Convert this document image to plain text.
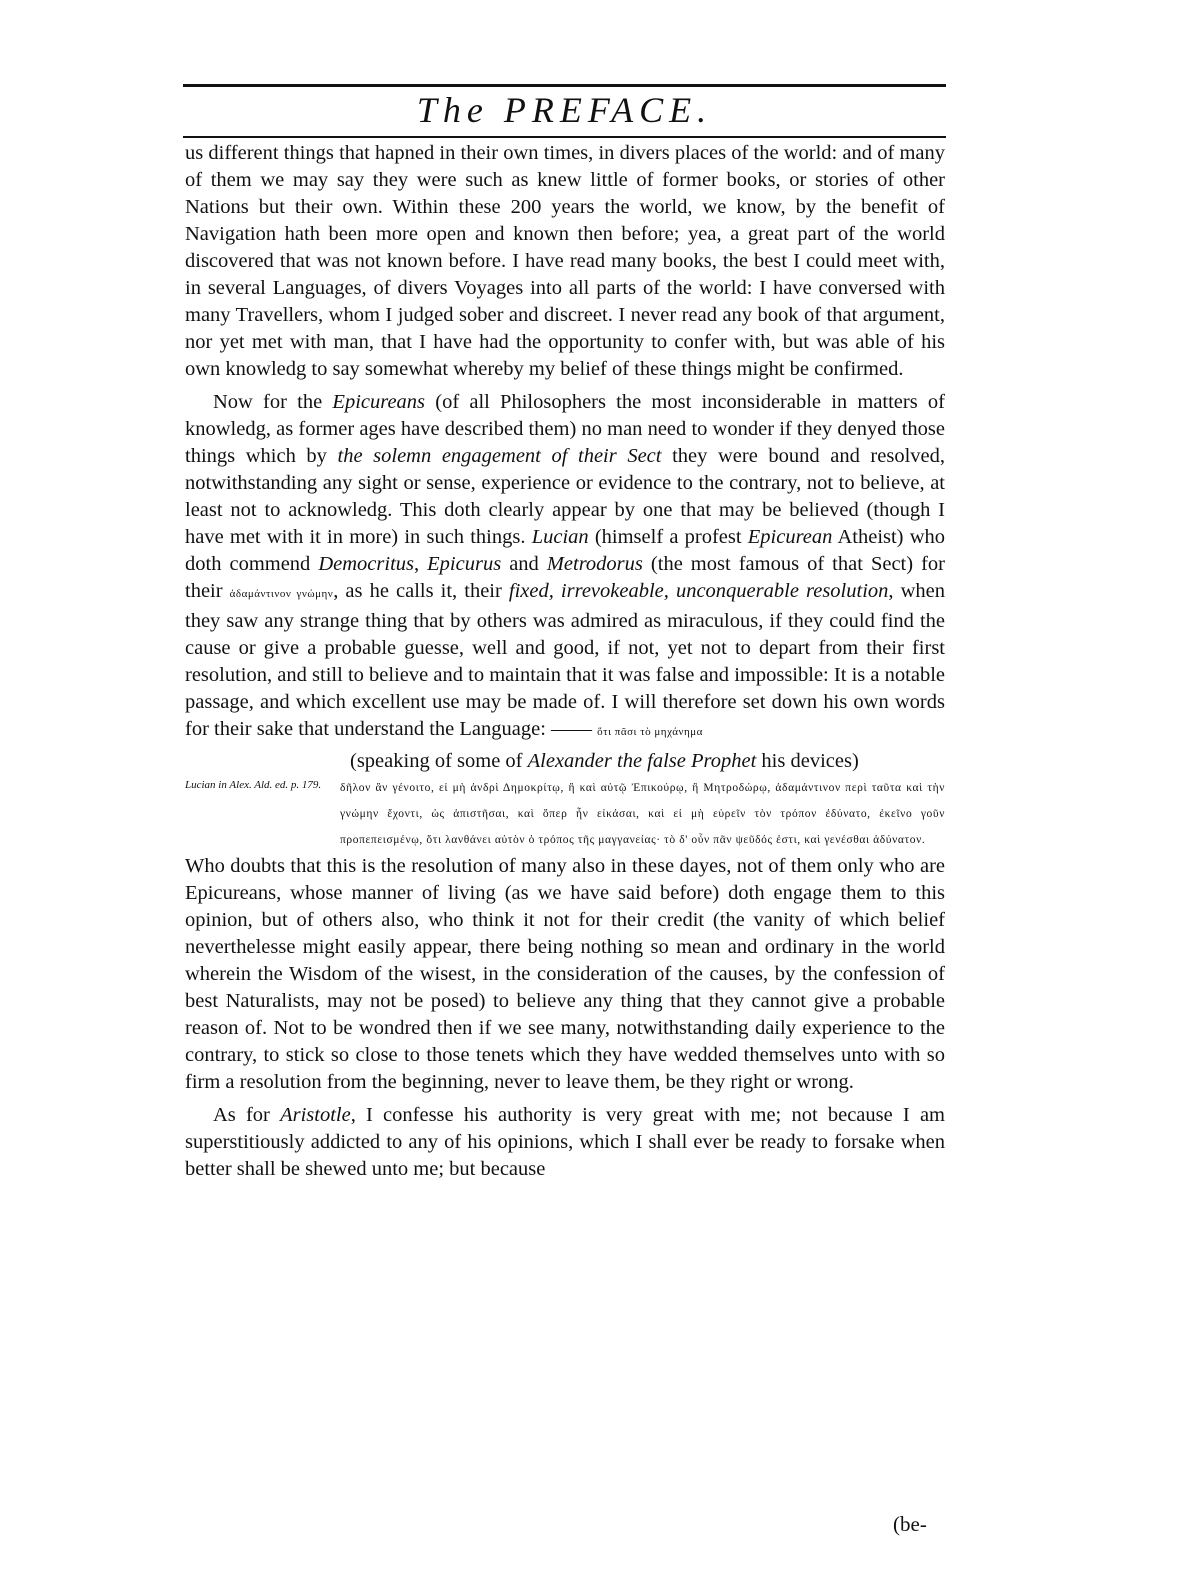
The PREFACE.

us different things that hapned in their own times, in divers places of the world: and of many of them we may say they were such as knew little of former books, or stories of other Nations but their own. Within these 200 years the world, we know, by the benefit of Navigation hath been more open and known then before; yea, a great part of the world discovered that was not known before. I have read many books, the best I could meet with, in several Languages, of divers Voyages into all parts of the world: I have conversed with many Travellers, whom I judged sober and discreet. I never read any book of that argument, nor yet met with man, that I have had the opportunity to confer with, but was able of his own knowledg to say somewhat whereby my belief of these things might be confirmed.

Now for the Epicureans (of all Philosophers the most inconsiderable in matters of knowledg, as former ages have described them) no man need to wonder if they denyed those things which by the solemn engagement of their Sect they were bound and resolved, notwithstanding any sight or sense, experience or evidence to the contrary, not to believe, at least not to acknowledg. This doth clearly appear by one that may be believed (though I have met with it in more) in such things. Lucian (himself a profest Epicurean Atheist) who doth commend Democritus, Epicurus and Metrodorus (the most famous of that Sect) for their ἀδαμάντινον γνώμην, as he calls it, their fixed, irrevokeable, unconquerable resolution, when they saw any strange thing that by others was admired as miraculous, if they could find the cause or give a probable guesse, well and good, if not, yet not to depart from their first resolution, and still to believe and to maintain that it was false and impossible: It is a notable passage, and which excellent use may be made of. I will therefore set down his own words for their sake that understand the Language: —— ὅτι πᾶσι τὸ μηχάνημα

(speaking of some of Alexander the false Prophet his devices)
Lucian in Alex. Ald. ed. p. 179.	δῆλον ἂν γένοιτο, εἰ μὴ ἀνδρὶ Δημοκρίτῳ, ἢ καὶ αὐτῷ Ἐπικούρῳ, ἢ Μητροδώρῳ, ἀδαμάντινον περὶ ταῦτα καὶ τὴν γνώμην ἔχοντι, ὡς ἀπιστῆσαι, καὶ ὅπερ ἦν εἰκάσαι, καὶ εἰ μὴ εὑρεῖν τὸν τρόπον ἐδύνατο, ἐκεῖνο γοῦν προπεπεισμένῳ, ὅτι λανθάνει αὐτὸν ὁ τρόπος τῆς μαγγανείας· τὸ δ' οὖν πᾶν ψεῦδός ἐστι, καὶ γενέσθαι ἀδύνατον.

Who doubts that this is the resolution of many also in these dayes, not of them only who are Epicureans, whose manner of living (as we have said before) doth engage them to this opinion, but of others also, who think it not for their credit (the vanity of which belief neverthelesse might easily appear, there being nothing so mean and ordinary in the world wherein the Wisdom of the wisest, in the consideration of the causes, by the confession of best Naturalists, may not be posed) to believe any thing that they cannot give a probable reason of. Not to be wondred then if we see many, notwithstanding daily experience to the contrary, to stick so close to those tenets which they have wedded themselves unto with so firm a resolution from the beginning, never to leave them, be they right or wrong.

As for Aristotle, I confesse his authority is very great with me; not because I am superstitiously addicted to any of his opinions, which I shall ever be ready to forsake when better shall be shewed unto me; but because

(be-
